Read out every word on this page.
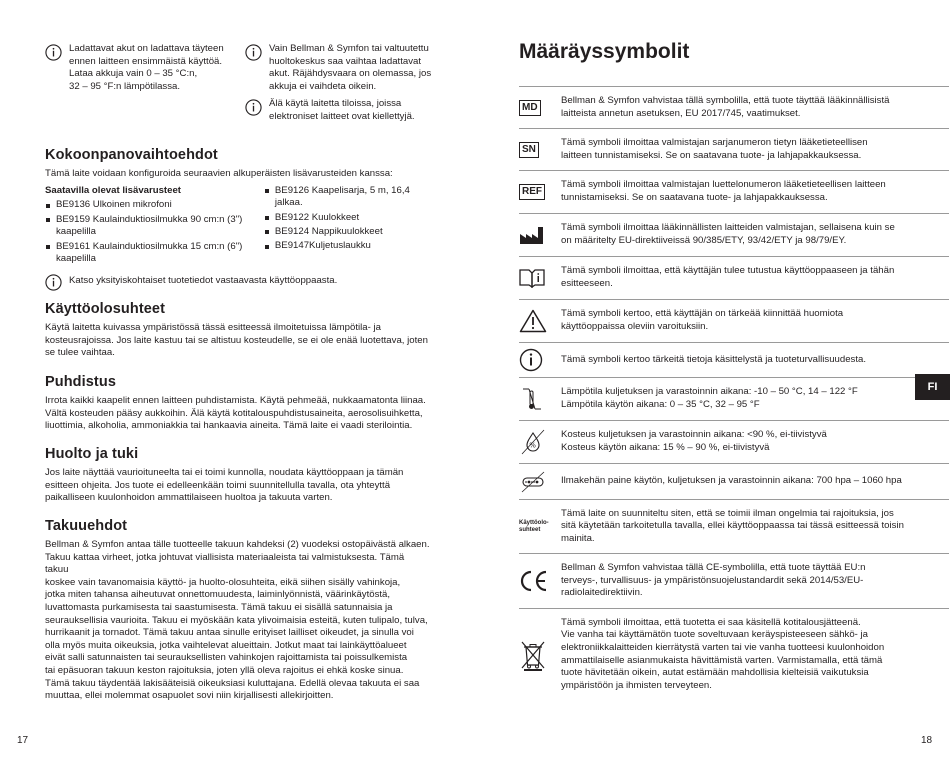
Ladattavat akut on ladattava täyteen
ennen laitteen ensimmäistä käyttöä.
Lataa akkuja vain 0 – 35 °C:n,
32 – 95 °F:n lämpötilassa.
Vain Bellman & Symfon tai valtuutettu
huoltokeskus saa vaihtaa ladattavat
akut. Räjähdysvaara on olemassa, jos
akkuja ei vaihdeta oikein.
Älä käytä laitetta tiloissa, joissa
elektroniset laitteet ovat kiellettyjä.
Kokoonpanovaihtoehdot
Tämä laite voidaan konfiguroida seuraavien alkuperäisten lisävarusteiden kanssa:
Saatavilla olevat lisävarusteet
BE9136 Ulkoinen mikrofoni
BE9159 Kaulainduktiosilmukka 90 cm:n (3")
kaapelilla
BE9161 Kaulainduktiosilmukka 15 cm:n (6")
kaapelilla
BE9126 Kaapelisarja, 5 m, 16,4 jalkaa.
BE9122 Kuulokkeet
BE9124 Nappikuulokkeet
BE9147Kuljetuslaukku
Katso yksityiskohtaiset tuotetiedot vastaavasta käyttöoppaasta.
Käyttöolosuhteet
Käytä laitetta kuivassa ympäristössä tässä esitteessä ilmoitetuissa lämpötila- ja
kosteusrajoissa. Jos laite kastuu tai se altistuu kosteudelle, se ei ole enää luotettava, joten
se tulee vaihtaa.
Puhdistus
Irrota kaikki kaapelit ennen laitteen puhdistamista. Käytä pehmeää, nukkaamatonta liinaa.
Vältä kosteuden pääsy aukkoihin. Älä käytä kotitalouspuhdistusaineita, aerosolisuihketta,
liuottimia, alkoholia, ammoniakkia tai hankaavia aineita. Tämä laite ei vaadi sterilointia.
Huolto ja tuki
Jos laite näyttää vaurioituneelta tai ei toimi kunnolla, noudata käyttöoppaan ja tämän
esitteen ohjeita. Jos tuote ei edelleenkään toimi suunnitellulla tavalla, ota yhteyttä
paikalliseen kuulonhoidon ammattilaiseen huoltoa ja takuuta varten.
Takuuehdot
Bellman & Symfon antaa tälle tuotteelle takuun kahdeksi (2) vuodeksi ostopäivästä alkaen.
Takuu kattaa virheet, jotka johtuvat viallisista materiaaleista tai valmistuksesta. Tämä takuu
koskee vain tavanomaisia käyttö- ja huolto-olosuhteita, eikä siihen sisälly vahinkoja,
jotka miten tahansa aiheutuvat onnettomuudesta, laiminlyönnistä, väärinkäytöstä,
luvattomasta purkamisesta tai saastumisesta. Tämä takuu ei sisällä satunnaisia ja
seurauksellisia vaurioita. Takuu ei myöskään kata ylivoimaisia esteitä, kuten tulipalo, tulva,
hurrikaanit ja tornadot. Tämä takuu antaa sinulle erityiset lailliset oikeudet, ja sinulla voi
olla myös muita oikeuksia, jotka vaihtelevat alueittain. Jotkut maat tai lainkäyttöalueet
eivät salli satunnaisten tai seurauksellisten vahinkojen rajoittamista tai poissulkemista
tai epäsuoran takuun keston rajoituksia, joten yllä oleva rajoitus ei ehkä koske sinua.
Tämä takuu täydentää lakisääteisiä oikeuksiasi kuluttajana. Edellä olevaa takuuta ei saa
muuttaa, ellei molemmat osapuolet sovi niin kirjallisesti allekirjoitten.
17
Määräyssymbolit
MD
Bellman & Symfon vahvistaa tällä symbolilla, että tuote täyttää lääkinnällisistä
laitteista annetun asetuksen, EU 2017/745, vaatimukset.
SN
Tämä symboli ilmoittaa valmistajan sarjanumeron tietyn lääketieteellisen
laitteen tunnistamiseksi. Se on saatavana tuote- ja lahjapakkauksessa.
REF
Tämä symboli ilmoittaa valmistajan luettelonumeron lääketieteellisen laitteen
tunnistamiseksi. Se on saatavana tuote- ja lahjapakkauksessa.
Tämä symboli ilmoittaa lääkinnällisten laitteiden valmistajan, sellaisena kuin se
on määritelty EU-direktiiveissä 90/385/ETY, 93/42/ETY ja 98/79/EY.
Tämä symboli ilmoittaa, että käyttäjän tulee tutustua käyttöoppaaseen ja tähän
esitteeseen.
Tämä symboli kertoo, että käyttäjän on tärkeää kiinnittää huomiota
käyttöoppaissa oleviin varoituksiin.
Tämä symboli kertoo tärkeitä tietoja käsittelystä ja tuoteturvallisuudesta.
Lämpötila kuljetuksen ja varastoinnin aikana: -10 – 50 °C, 14 – 122 °F
Lämpötila käytön aikana: 0 – 35 °C, 32 – 95 °F
%
Kosteus kuljetuksen ja varastoinnin aikana: <90 %, ei-tiivistyvä
Kosteus käytön aikana: 15 % – 90 %, ei-tiivistyvä
Ilmakehän paine käytön, kuljetuksen ja varastoinnin aikana: 700 hpa – 1060 hpa
Käyttöolo-
suhteet
Tämä laite on suunniteltu siten, että se toimii ilman ongelmia tai rajoituksia, jos
sitä käytetään tarkoitetulla tavalla, ellei käyttöoppaassa tai tässä esitteessä toisin
mainita.
Bellman & Symfon vahvistaa tällä CE-symbolilla, että tuote täyttää EU:n
terveys-, turvallisuus- ja ympäristönsuojelustandardit sekä 2014/53/EU-
radiolaitedirektiivin.
Tämä symboli ilmoittaa, että tuotetta ei saa käsitellä kotitalousjätteenä.
Vie vanha tai käyttämätön tuote soveltuvaan keräyspisteeseen sähkö- ja
elektroniikkalaitteiden kierrätystä varten tai vie vanha tuotteesi kuulonhoidon
ammattilaiselle asianmukaista hävittämistä varten. Varmistamalla, että tämä
tuote hävitetään oikein, autat estämään mahdollisia kielteisiä vaikutuksia
ympäristöön ja ihmisten terveyteen.
FI
18
